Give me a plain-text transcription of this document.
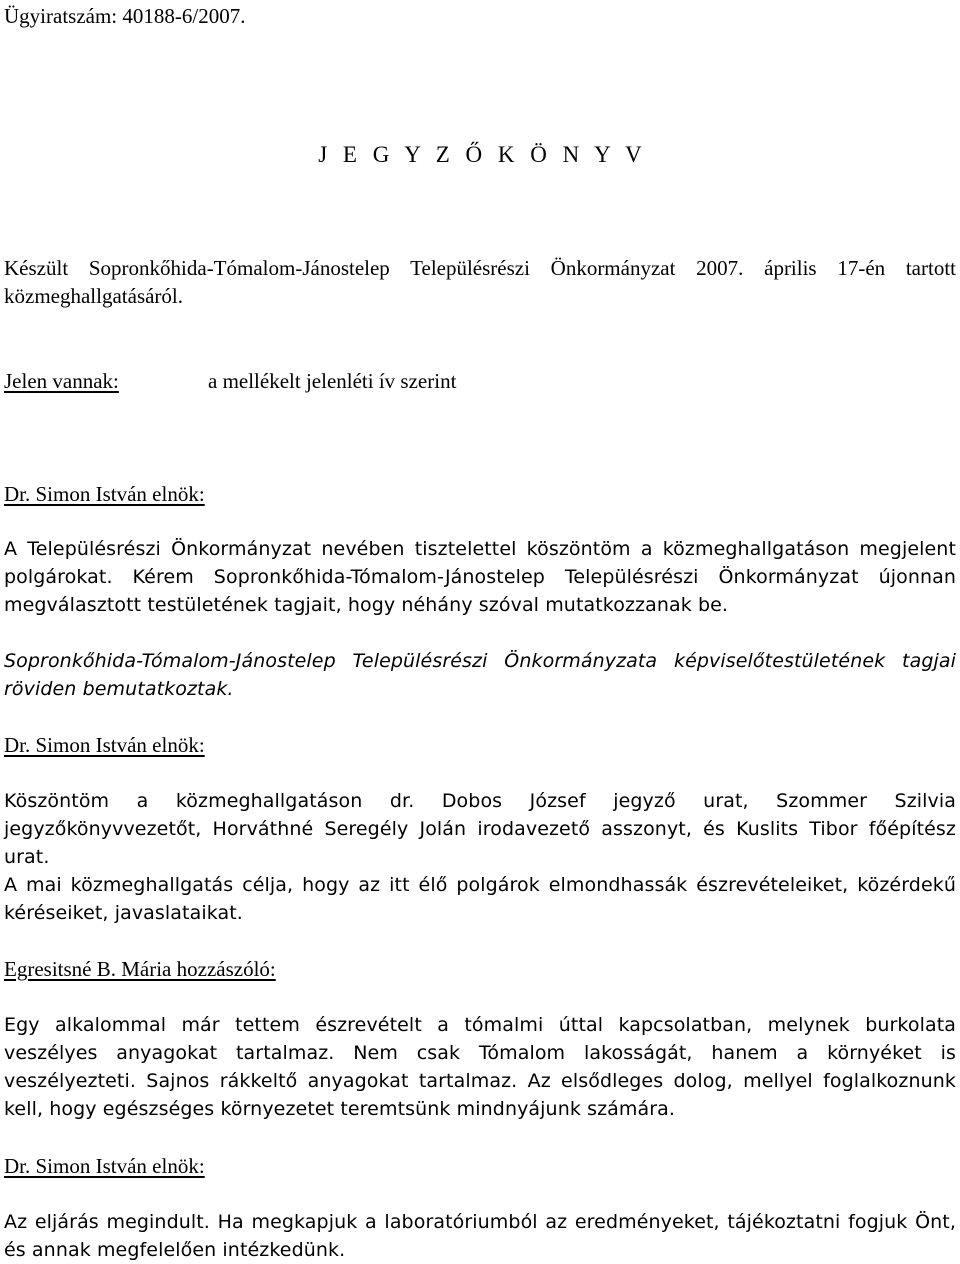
Ügyiratszám: 40188-6/2007.

J E G Y Z Ő K Ö N Y V

Készült Sopronkőhida-Tómalom-Jánostelep Településrészi Önkormányzat 2007. április 17-én tartott közmeghallgatásáról.

Jelen vannak:	a mellékelt jelenléti ív szerint

Dr. Simon István elnök:

A Településrészi Önkormányzat nevében tisztelettel köszöntöm a közmeghallgatáson megjelent polgárokat. Kérem Sopronkőhida-Tómalom-Jánostelep Településrészi Önkormányzat újonnan megválasztott testületének tagjait, hogy néhány szóval mutatkozzanak be.

Sopronkőhida-Tómalom-Jánostelep Településrészi Önkormányzata képviselőtestületének tagjai röviden bemutatkoztak.

Dr. Simon István elnök:

Köszöntöm a közmeghallgatáson dr. Dobos József jegyző urat, Szommer Szilvia jegyzőkönyvvezetőt, Horváthné Seregély Jolán irodavezető asszonyt, és Kuslits Tibor főépítész urat.

A mai közmeghallgatás célja, hogy az itt élő polgárok elmondhassák észrevételeiket, közérdekű kéréseiket, javaslataikat.

Egresitsné B. Mária hozzászóló:

Egy alkalommal már tettem észrevételt a tómalmi úttal kapcsolatban, melynek burkolata veszélyes anyagokat tartalmaz. Nem csak Tómalom lakosságát, hanem a környéket is veszélyezteti. Sajnos rákkeltő anyagokat tartalmaz. Az elsődleges dolog, mellyel foglalkoznunk kell, hogy egészséges környezetet teremtsünk mindnyájunk számára.

Dr. Simon István elnök:

Az eljárás megindult. Ha megkapjuk a laboratóriumból az eredményeket, tájékoztatni fogjuk Önt, és annak megfelelően intézkedünk.
